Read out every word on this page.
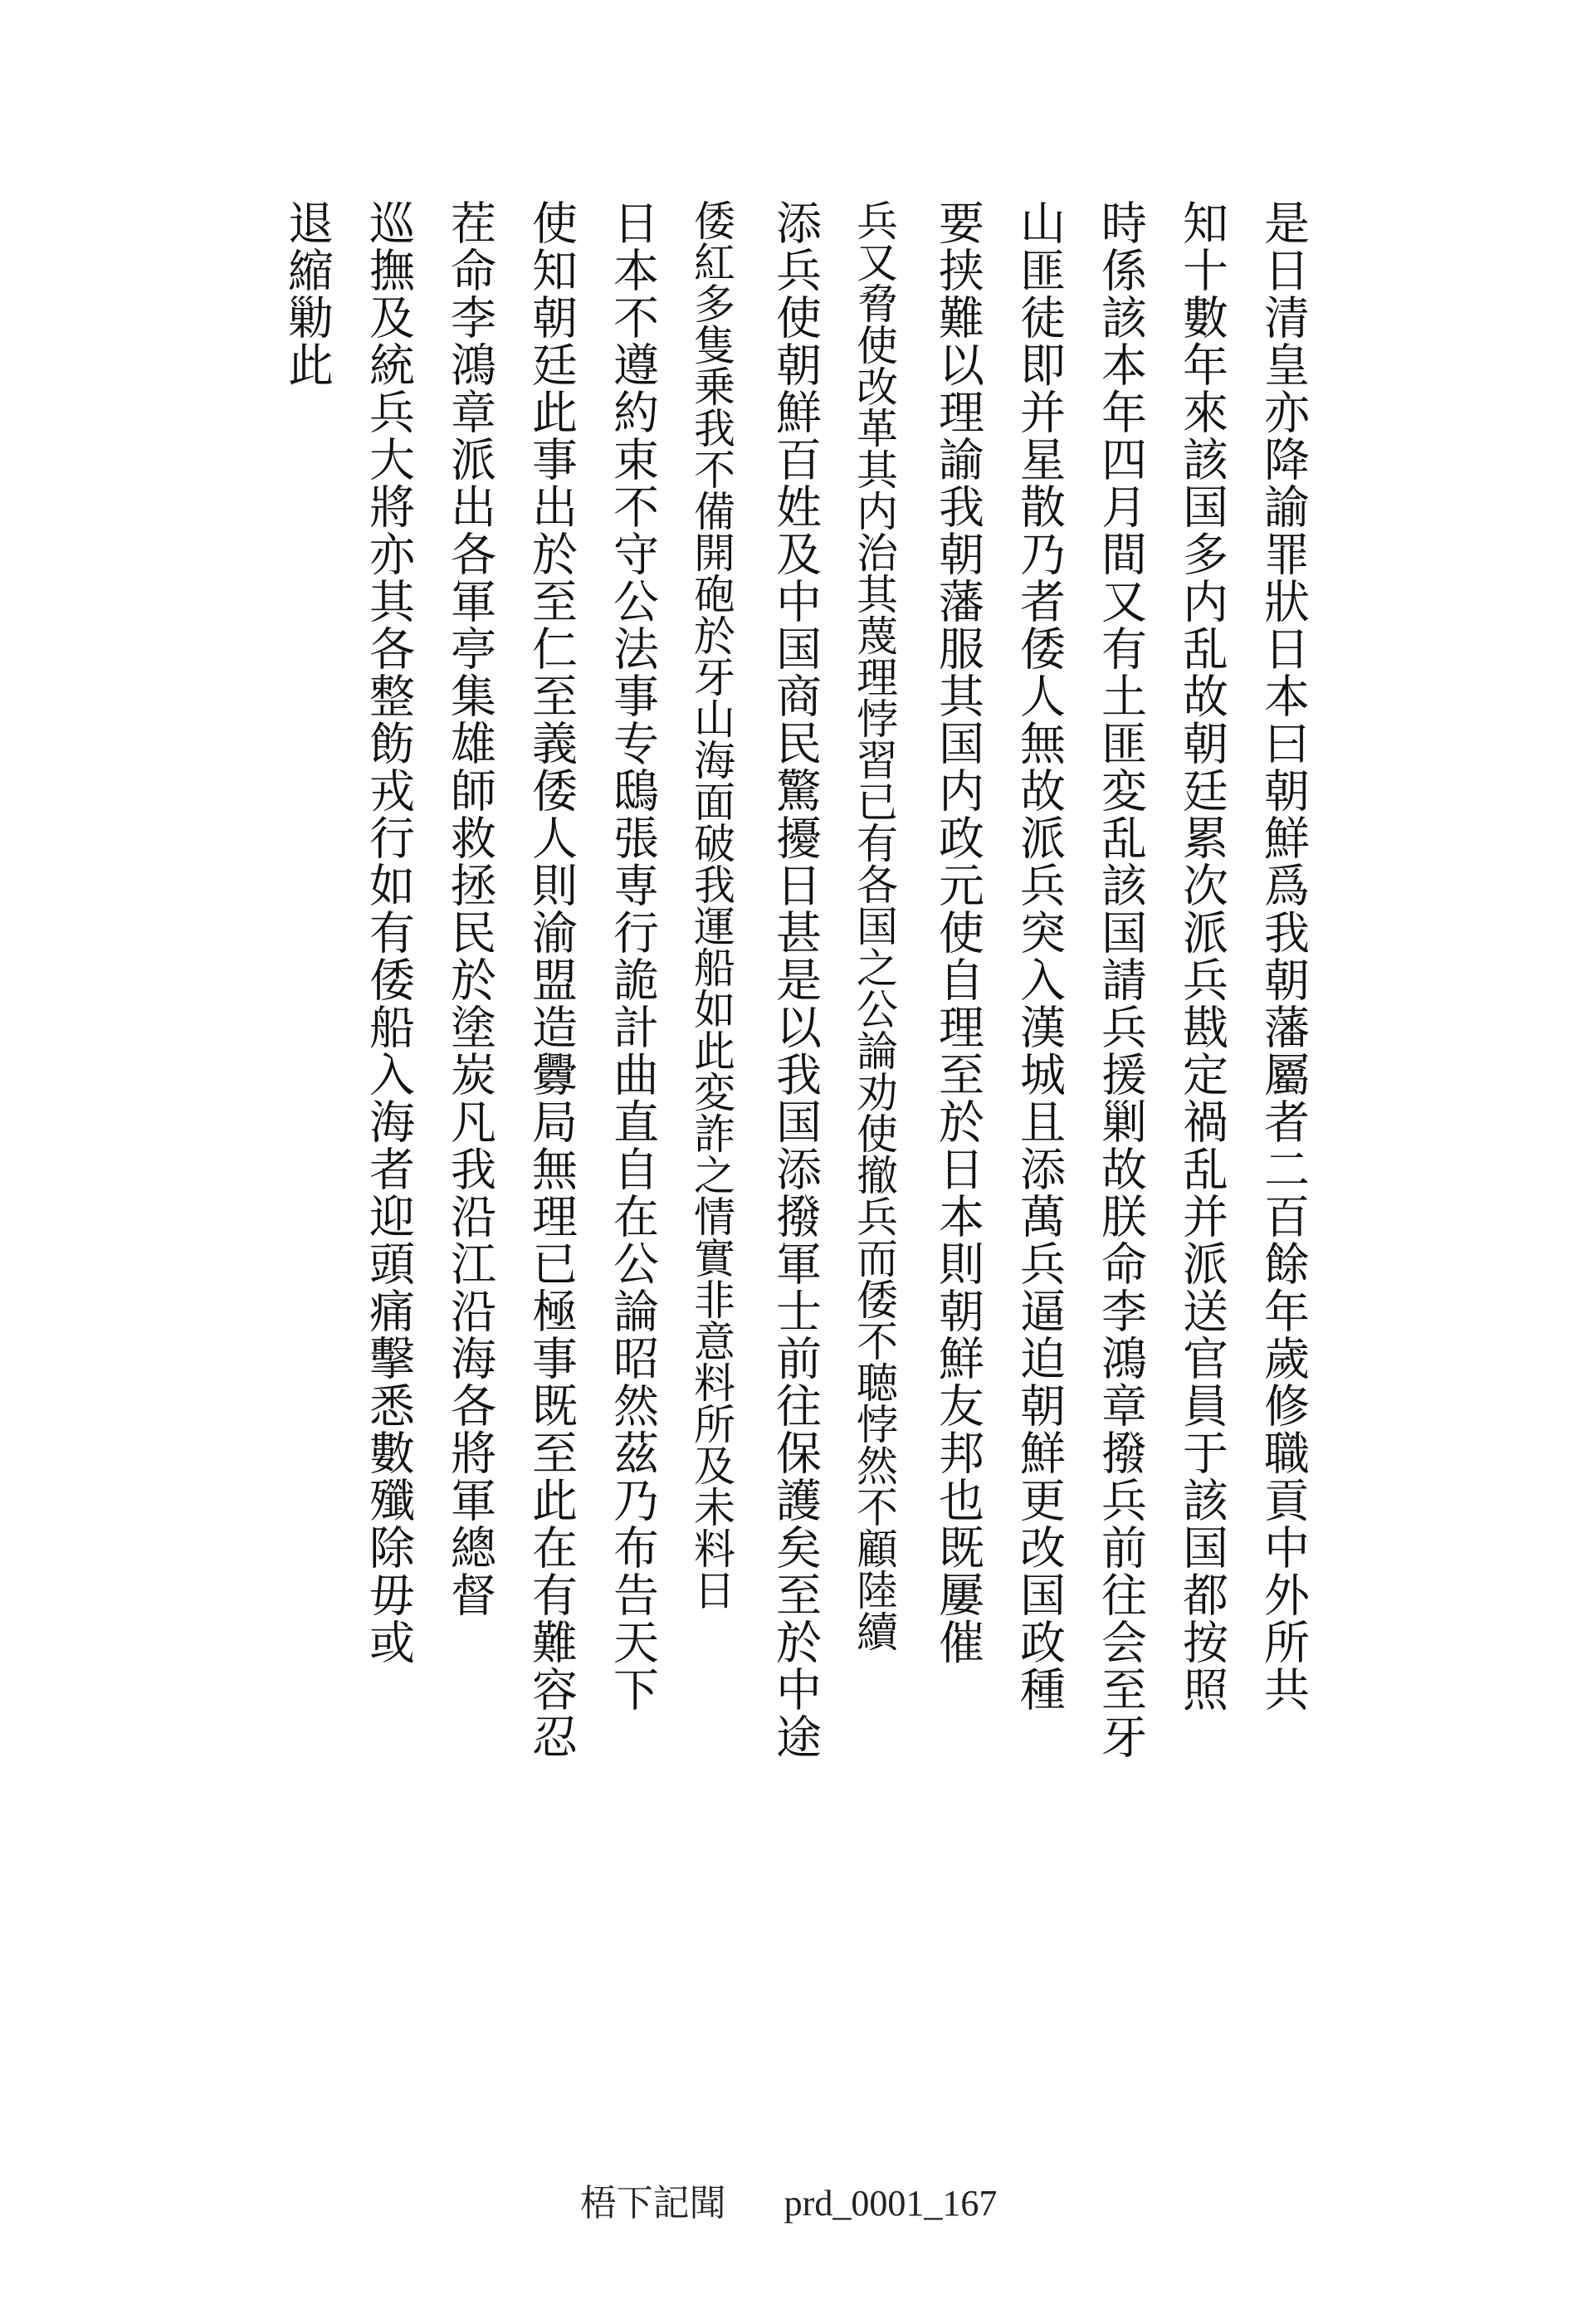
是日清皇亦降諭罪狀日本曰朝鮮爲我朝藩屬者二百餘年歲修職貢中外所共
知十數年來該国多内乱故朝廷累次派兵戡定禍乱并派送官員于該国都按照
時係該本年四月間又有土匪変乱該国請兵援剿故朕命李鴻章撥兵前往会至牙
山匪徒即并星散乃者倭人無故派兵突入漢城且添萬兵逼迫朝鮮更改国政種
要挟難以理諭我朝藩服其国内政元使自理至於日本則朝鮮友邦也既屢催
兵又脅使改革其内治其蔑理悖習已有各国之公論劝使撤兵而倭不聴悖然不顧陸續
添兵使朝鮮百姓及中国商民驚擾日甚是以我国添撥軍士前往保護矣至於中途
倭紅多隻乗我不備開砲於牙山海面破我運船如此変詐之情實非意料所及未料日
日本不遵約束不守公法事专鴟張専行詭計曲直自在公論昭然茲乃布告天下
使知朝廷此事出於至仁至義倭人則渝盟造釁局無理已極事既至此在有難容忍
茬命李鴻章派出各軍亭集雄師救拯民於塗炭凡我沿江沿海各將軍總督
巡撫及統兵大將亦其各整飭戎行如有倭船入海者迎頭痛擊悉數殲除毋或
退縮勦此
梧下記聞 prd_0001_167
